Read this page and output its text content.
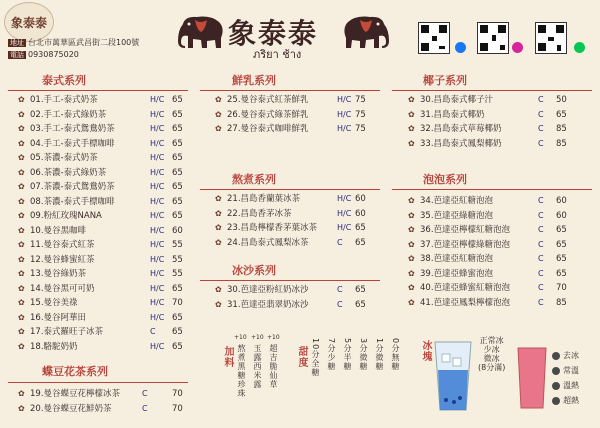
象泰泰
地址 台北市萬華區武昌街二段100號
電話 0930875020
象泰泰
ภริยา ช้าง
泰式系列
✿ 01.手工-泰式奶茶	H/C 65
✿ 02.手工-泰式綠奶茶	H/C 65
✿ 03.手工-泰式鴛鴦奶茶	H/C 65
✿ 04.手工-泰式手標咖啡	H/C 65
✿ 05.茶濃-泰式奶茶	H/C 65
✿ 06.茶濃-泰式綠奶茶	H/C 65
✿ 07.茶濃-泰式鴛鴦奶茶	H/C 65
✿ 08.茶濃-泰式手標咖啡	H/C 65
✿ 09.粉紅玫瑰NANA	H/C 65
✿ 10.曼谷黑咖啡	H/C 60
✿ 11.曼谷泰式紅茶	H/C 55
✿ 12.曼谷蜂蜜紅茶	H/C 55
✿ 13.曼谷綠奶茶	H/C 55
✿ 14.曼谷黑可可奶	H/C 65
✿ 15.曼谷美祿	H/C 70
✿ 16.曼谷阿華田	H/C 65
✿ 17.泰式羅旺子冰茶	C 65
✿ 18.駱駝奶奶	H/C 65
蝶豆花茶系列
✿ 19.曼谷蝶豆花檸檬冰茶	C	70
✿ 20.曼谷蝶豆花鮮奶茶	C	70
鮮乳系列
✿ 25.曼谷泰式紅茶鮮乳	H/C 75
✿ 26.曼谷泰式綠茶鮮乳	H/C 75
✿ 27.曼谷泰式咖啡鮮乳	H/C 75
熬煮系列
✿ 21.昌島香蘭葉冰茶	H/C 60
✿ 22.昌島香茅冰茶	H/C 60
✿ 23.昌島檸檬香茅葉冰茶 H/C 65
✿ 24.昌島泰式鳳梨冰茶	C 65
冰沙系列
✿ 30.芭達亞粉紅奶冰沙	C 65
✿ 31.芭達亞翡翠奶冰沙	C 65
椰子系列
✿ 30.昌島泰式椰子汁	C 50
✿ 31.昌島泰式椰奶	C 65
✿ 32.昌島泰式草莓椰奶	C 85
✿ 33.昌島泰式鳳梨椰奶	C 85
泡泡系列
✿ 34.芭達亞紅糖泡泡	C 60
✿ 35.芭達亞綠糖泡泡	C 60
✿ 36.芭達亞檸檬紅糖泡泡	C 65
✿ 37.芭達亞檸檬綠糖泡泡	C 65
✿ 38.芭達亞紅糖泡泡	C 65
✿ 39.芭達亞蜂蜜泡泡	C 65
✿ 40.芭達亞蜂蜜紅糖泡泡	C 70
✿ 41.芭達亞鳳梨檸檬泡泡	C 85
加料
+10 +10 +10
熬煮黑糖珍珠 玉露西米露 超吉脆仙草 甜度 10分全糖 7分少糖 5分半糖 3分微糖 1分微糖 0分無糖 冰塊	正常冰
少冰
微冰
(8分滿)
去冰
常溫
溫熱
超熱
